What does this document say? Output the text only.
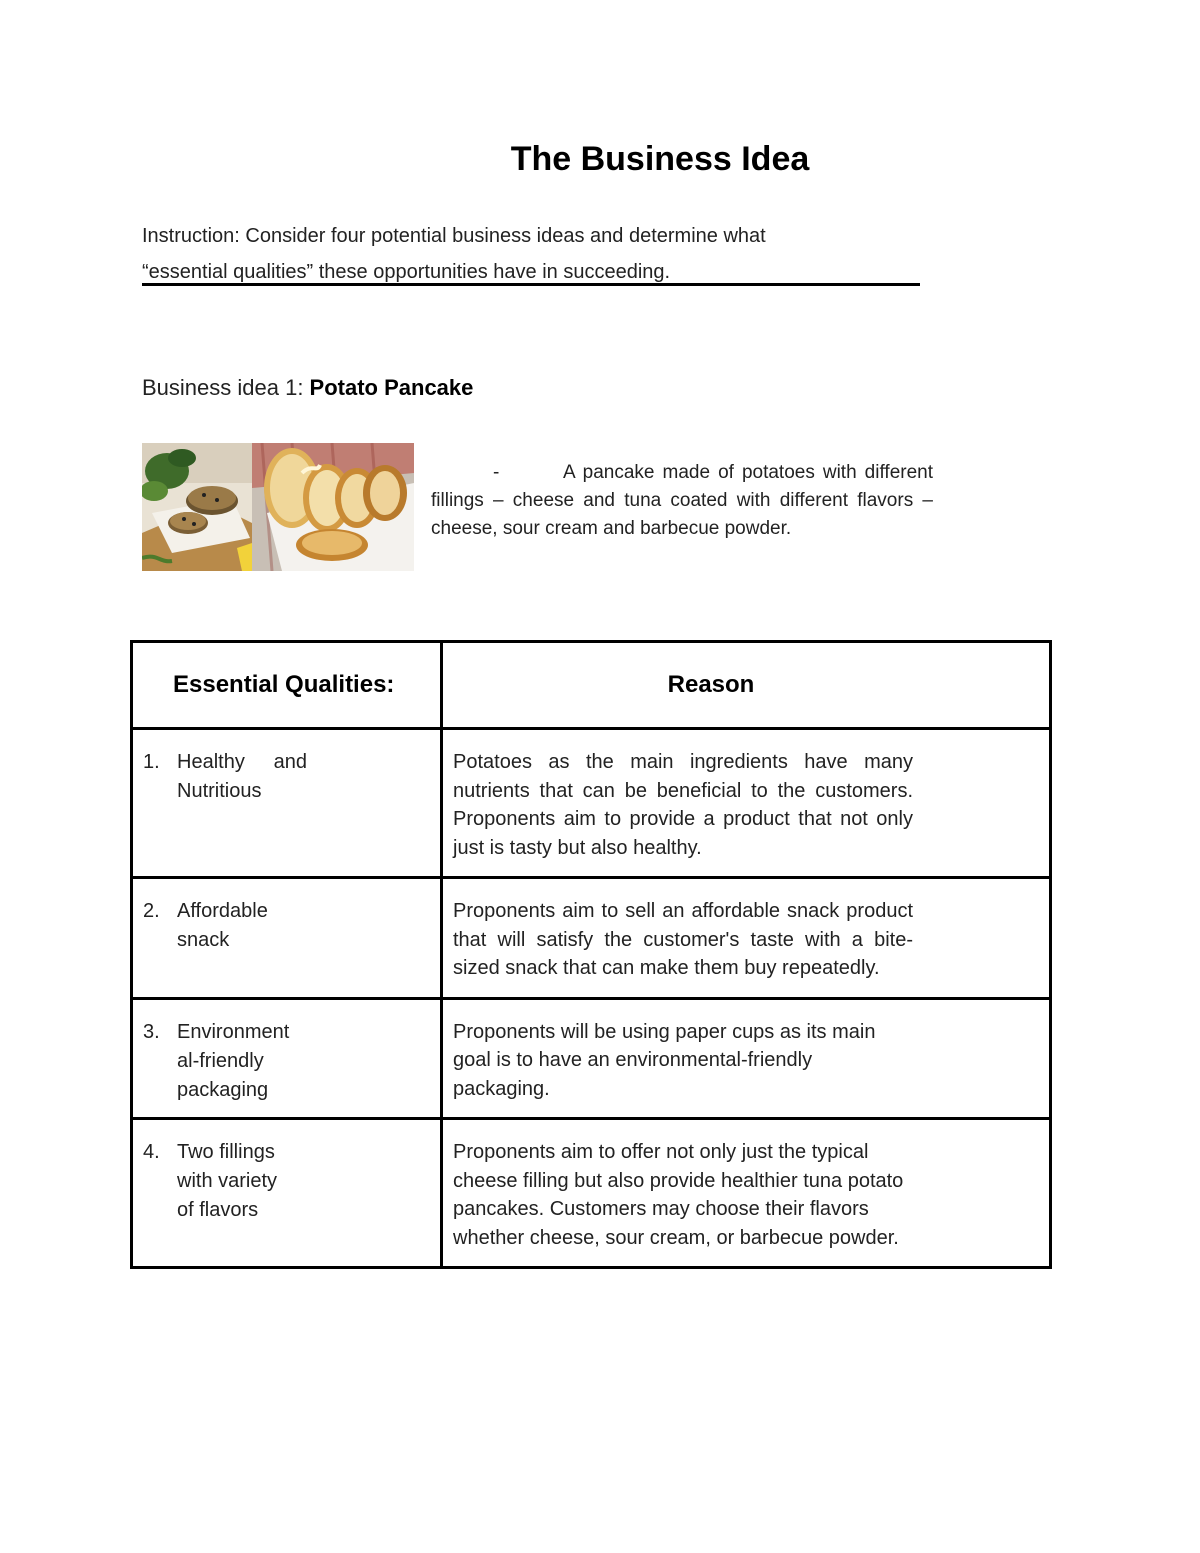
The Business Idea
Instruction: Consider four potential business ideas and determine what
“essential qualities” these opportunities have in succeeding.
Business idea 1: Potato Pancake
-	A pancake made of potatoes with different fillings – cheese and tuna coated with different flavors – cheese, sour cream and barbecue powder.
Essential Qualities:	Reason
1. Healthy and Nutritious	Potatoes as the main ingredients have many nutrients that can be beneficial to the customers. Proponents aim to provide a product that not only just is tasty but also healthy.
2. Affordable snack	Proponents aim to sell an affordable snack product that will satisfy the customer's taste with a bite-sized snack that can make them buy repeatedly.
3. Environment al-friendly packaging	Proponents will be using paper cups as its main goal is to have an environmental-friendly packaging.
4. Two fillings with variety of flavors	Proponents aim to offer not only just the typical cheese filling but also provide healthier tuna potato pancakes. Customers may choose their flavors whether cheese, sour cream, or barbecue powder.
